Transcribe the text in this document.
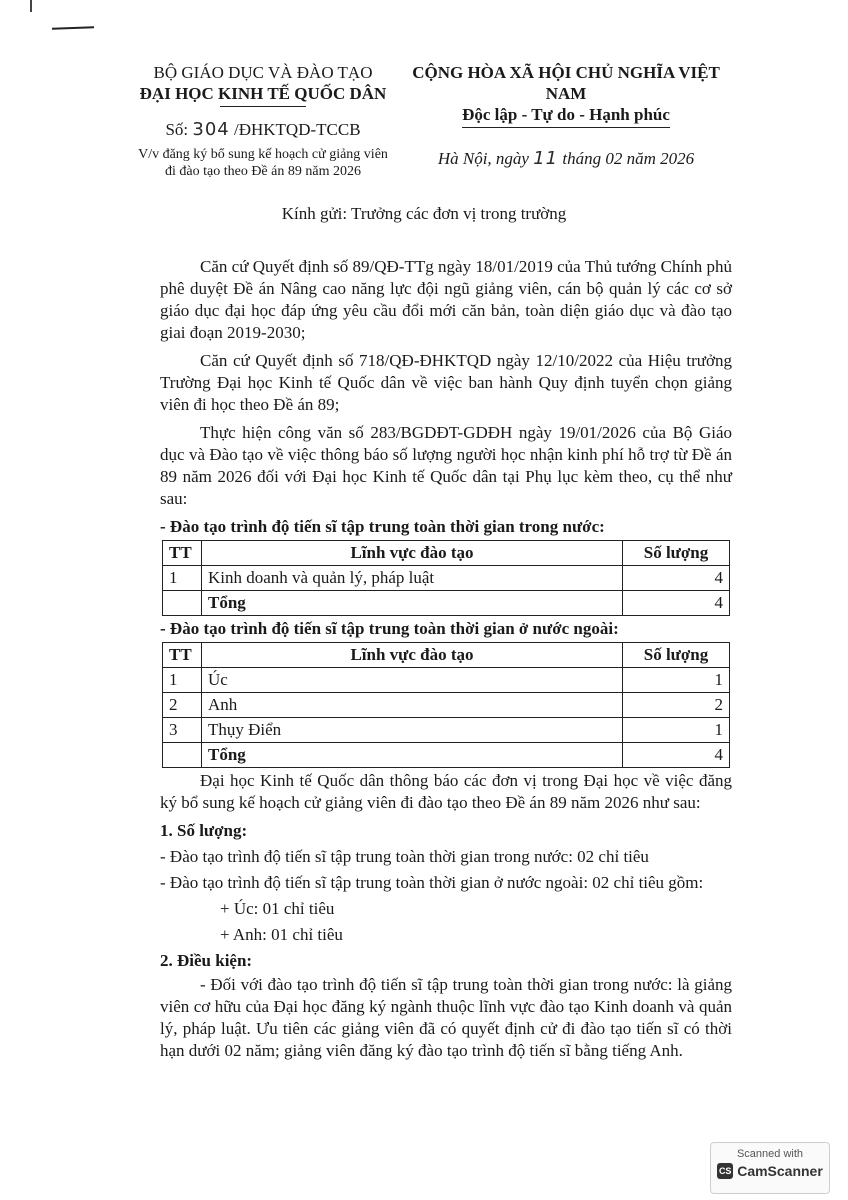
BỘ GIÁO DỤC VÀ ĐÀO TẠO
ĐẠI HỌC KINH TẾ QUỐC DÂN
Số: 304 /ĐHKTQD-TCCB
V/v đăng ký bổ sung kế hoạch cử giảng viên
đi đào tạo theo Đề án 89 năm 2026
CỘNG HÒA XÃ HỘI CHỦ NGHĨA VIỆT NAM
Độc lập - Tự do - Hạnh phúc
Hà Nội, ngày 11 tháng 02 năm 2026
Kính gửi: Trưởng các đơn vị trong trường

Căn cứ Quyết định số 89/QĐ-TTg ngày 18/01/2019 của Thủ tướng Chính phủ phê duyệt Đề án Nâng cao năng lực đội ngũ giảng viên, cán bộ quản lý các cơ sở giáo dục đại học đáp ứng yêu cầu đổi mới căn bản, toàn diện giáo dục và đào tạo giai đoạn 2019-2030;

Căn cứ Quyết định số 718/QĐ-ĐHKTQD ngày 12/10/2022 của Hiệu trưởng Trường Đại học Kinh tế Quốc dân về việc ban hành Quy định tuyển chọn giảng viên đi học theo Đề án 89;

Thực hiện công văn số 283/BGDĐT-GDĐH ngày 19/01/2026 của Bộ Giáo dục và Đào tạo về việc thông báo số lượng người học nhận kinh phí hỗ trợ từ Đề án 89 năm 2026 đối với Đại học Kinh tế Quốc dân tại Phụ lục kèm theo, cụ thể như sau:

- Đào tạo trình độ tiến sĩ tập trung toàn thời gian trong nước:
TT	Lĩnh vực đào tạo	Số lượng
1	Kinh doanh và quản lý, pháp luật	4
	Tổng	4
- Đào tạo trình độ tiến sĩ tập trung toàn thời gian ở nước ngoài:
TT	Lĩnh vực đào tạo	Số lượng
1	Úc	1
2	Anh	2
3	Thụy Điển	1
	Tổng	4

Đại học Kinh tế Quốc dân thông báo các đơn vị trong Đại học về việc đăng ký bổ sung kế hoạch cử giảng viên đi đào tạo theo Đề án 89 năm 2026 như sau:

1. Số lượng:
- Đào tạo trình độ tiến sĩ tập trung toàn thời gian trong nước: 02 chỉ tiêu
- Đào tạo trình độ tiến sĩ tập trung toàn thời gian ở nước ngoài: 02 chỉ tiêu gồm:
+ Úc: 01 chỉ tiêu
+ Anh: 01 chỉ tiêu
2. Điều kiện:

- Đối với đào tạo trình độ tiến sĩ tập trung toàn thời gian trong nước: là giảng viên cơ hữu của Đại học đăng ký ngành thuộc lĩnh vực đào tạo Kinh doanh và quản lý, pháp luật. Ưu tiên các giảng viên đã có quyết định cử đi đào tạo tiến sĩ có thời hạn dưới 02 năm; giảng viên đăng ký đào tạo trình độ tiến sĩ bằng tiếng Anh.

Scanned with
CS CamScanner
